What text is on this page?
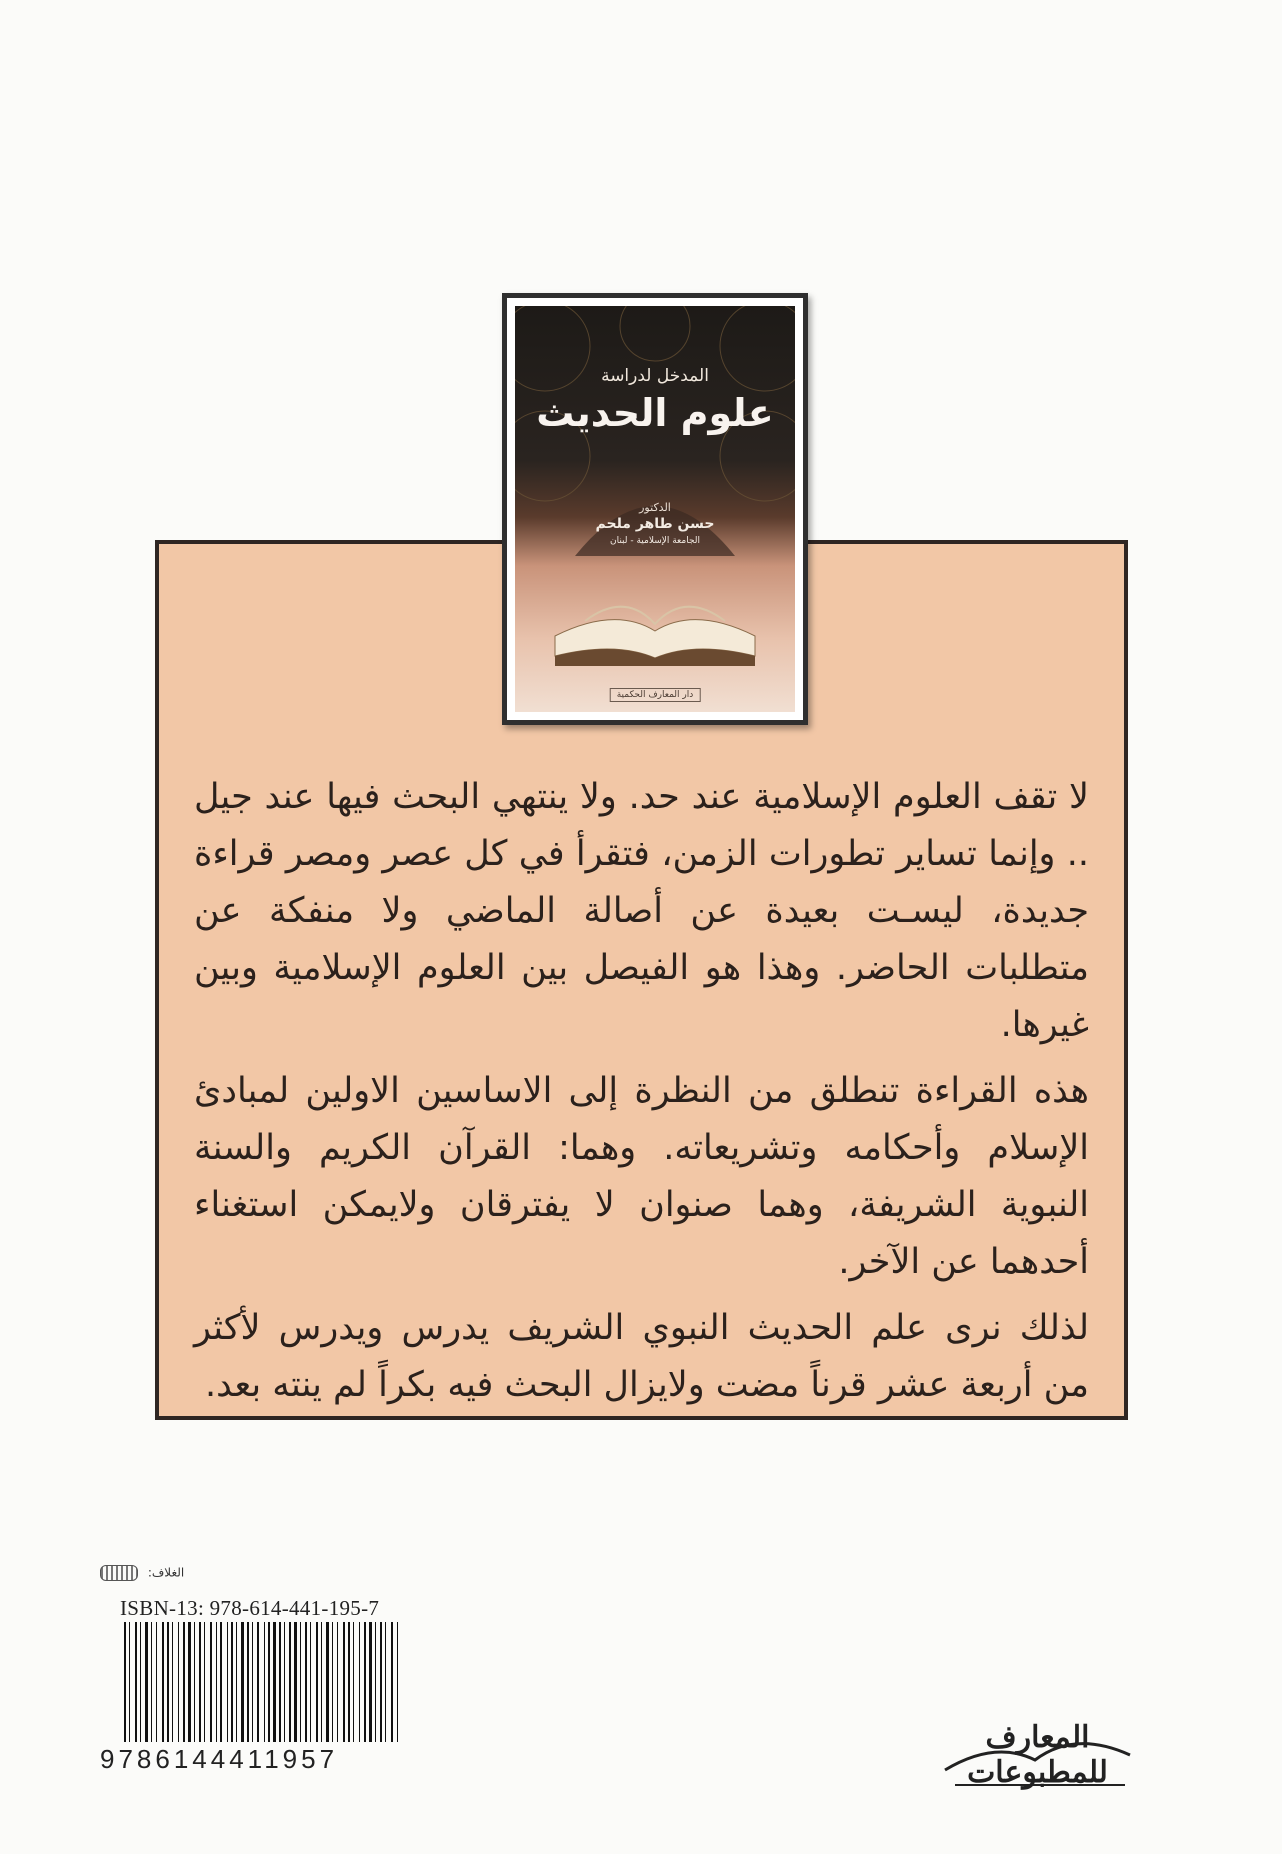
لا تقف العلوم الإسلامية عند حد. ولا ينتهي البحث فيها عند جيل .. وإنما تساير تطورات الزمن، فتقرأ في كل عصر ومصر قراءة جديدة، ليسـت بعيدة عن أصالة الماضي ولا منفكة عن متطلبات الحاضر. وهذا هو الفيصل بين العلوم الإسلامية وبين غيرها.

هذه القراءة تنطلق من النظرة إلى الاساسين الاولين لمبادئ الإسلام وأحكامه وتشريعاته. وهما: القرآن الكريم والسنة النبوية الشريفة، وهما صنوان لا يفترقان ولايمكن استغناء أحدهما عن الآخر.

لذلك نرى علم الحديث النبوي الشريف يدرس ويدرس لأكثر من أربعة عشر قرناً مضت ولايزال البحث فيه بكراً لم ينته بعد.

المدخل لدراسة
علوم الحديث
الدكتور
حسن طاهر ملحم
الجامعة الإسلامية - لبنان
دار المعارف الحكمية
الغلاف:
ISBN-13: 978-614-441-195-7
9786144411957
المعارف للمطبوعات
